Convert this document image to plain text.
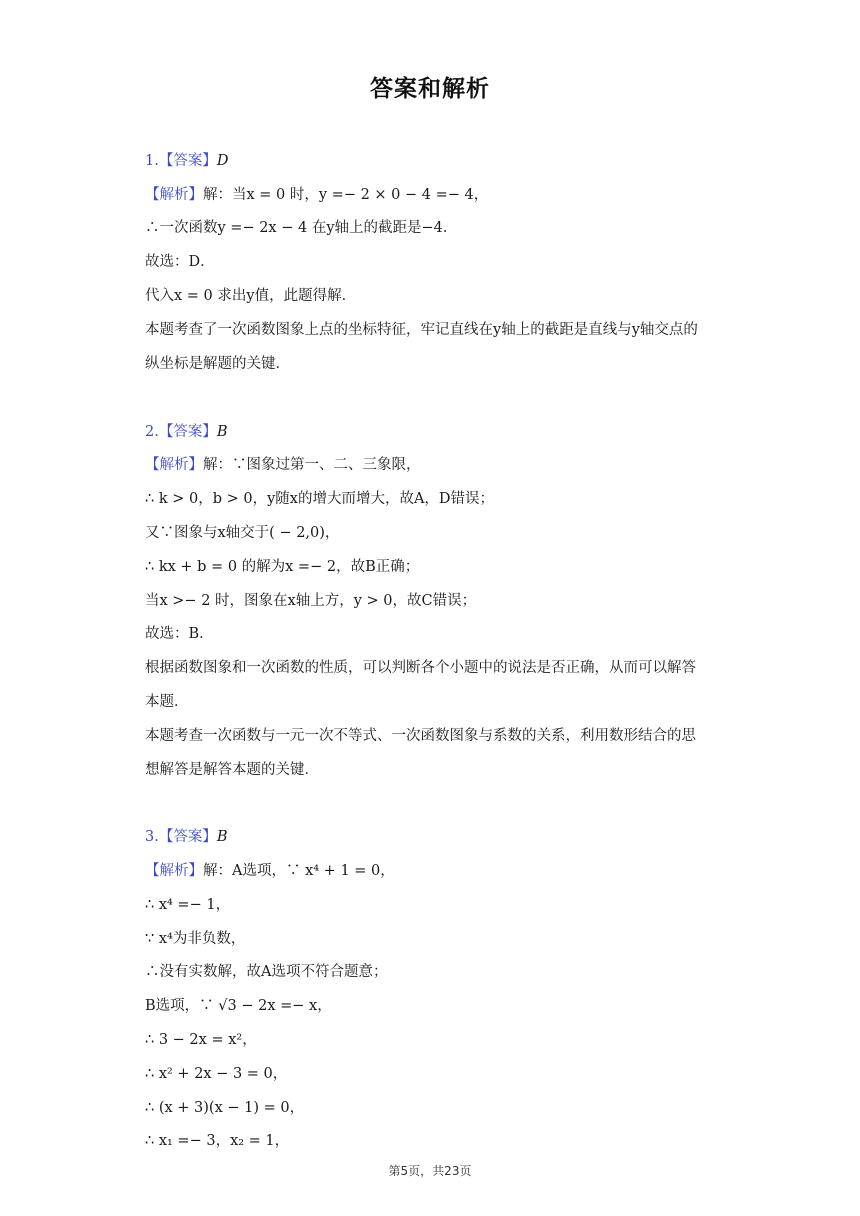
答案和解析
1.【答案】D
【解析】解：当x = 0 时，y =− 2 × 0 − 4 =− 4，
∴一次函数y =− 2x − 4 在y轴上的截距是−4．
故选：D．
代入x = 0 求出y值，此题得解．
本题考查了一次函数图象上点的坐标特征，牢记直线在y轴上的截距是直线与y轴交点的
纵坐标是解题的关键．
2.【答案】B
【解析】解：∵图象过第一、二、三象限，
∴ k > 0，b > 0，y随x的增大而增大，故A，D错误；
又∵图象与x轴交于( − 2,0)，
∴ kx + b = 0 的解为x =− 2，故B正确；
当x >− 2 时，图象在x轴上方，y > 0，故C错误；
故选：B．
根据函数图象和一次函数的性质，可以判断各个小题中的说法是否正确，从而可以解答
本题．
本题考查一次函数与一元一次不等式、一次函数图象与系数的关系，利用数形结合的思
想解答是解答本题的关键．
3.【答案】B
【解析】解：A选项，∵ x⁴ + 1 = 0，
∴ x⁴ =− 1，
∵ x⁴为非负数，
∴没有实数解，故A选项不符合题意；
B选项，∵ √3 − 2x =− x，
∴ 3 − 2x = x²，
∴ x² + 2x − 3 = 0，
∴ (x + 3)(x − 1) = 0，
∴ x₁ =− 3，x₂ = 1，
第5页，共23页
